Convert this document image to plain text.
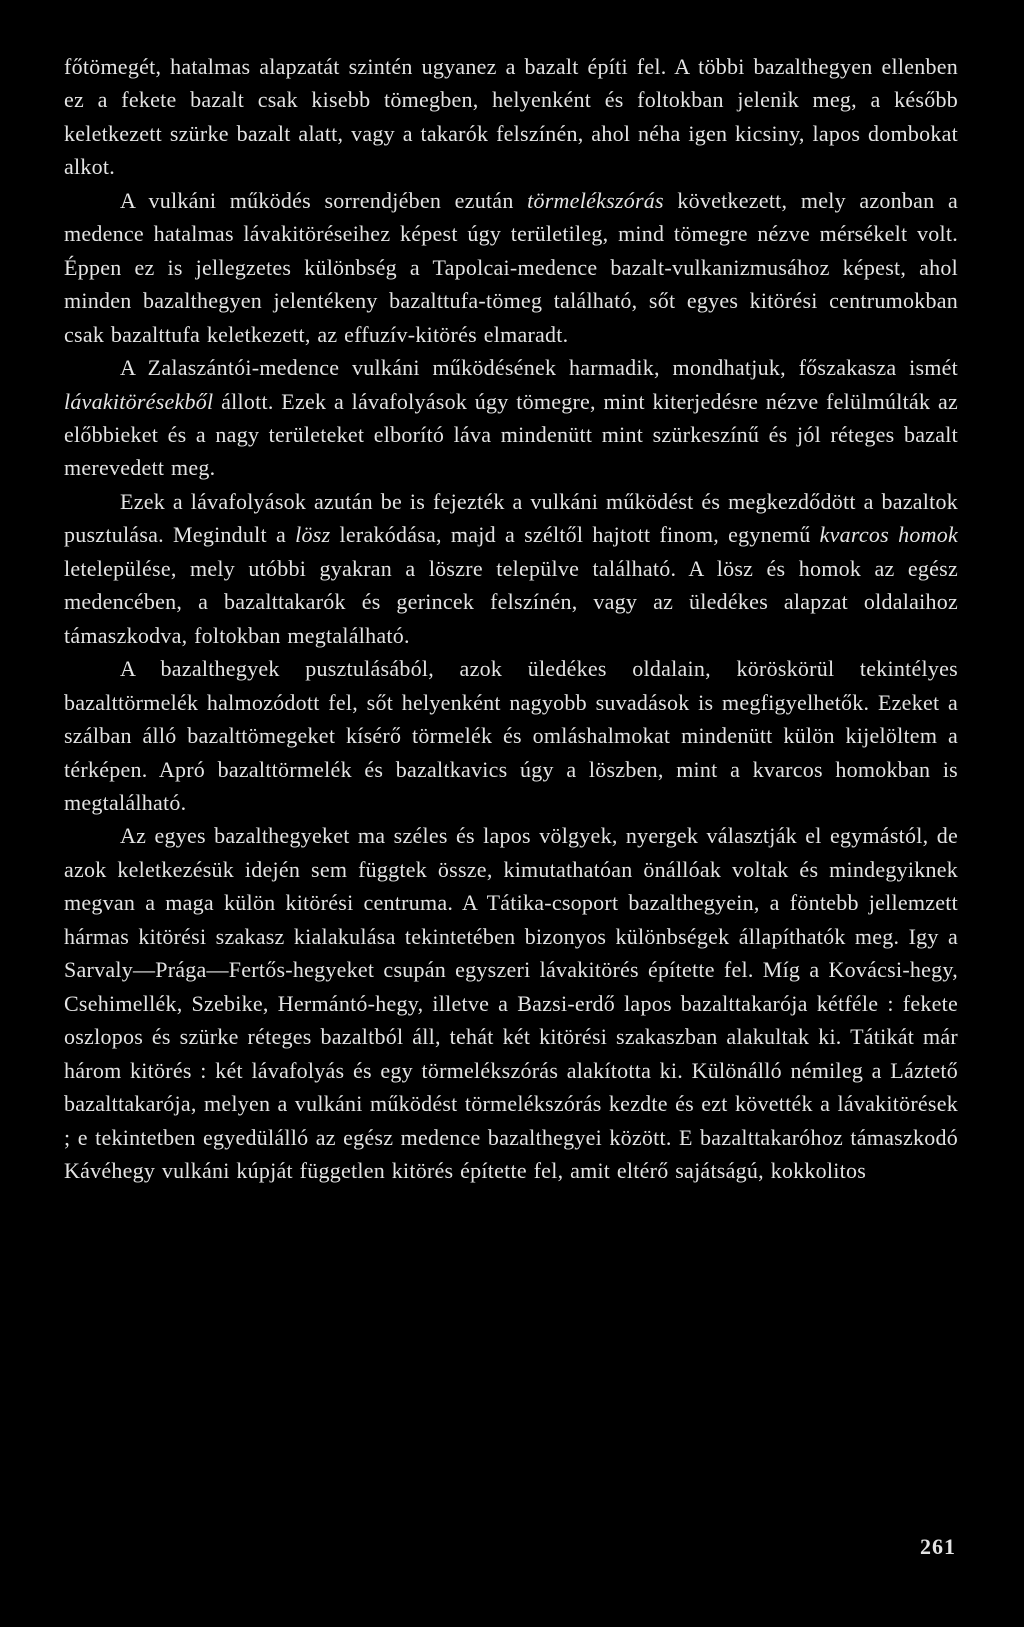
főtömegét, hatalmas alapzatát szintén ugyanez a bazalt építi fel. A többi bazalthegyen ellenben ez a fekete bazalt csak kisebb tömegben, helyenként és foltokban jelenik meg, a később keletkezett szürke bazalt alatt, vagy a takarók felszínén, ahol néha igen kicsiny, lapos dombokat alkot.

A vulkáni működés sorrendjében ezután törmelékszórás következett, mely azonban a medence hatalmas lávakitöréseihez képest úgy területileg, mind tömegre nézve mérsékelt volt. Éppen ez is jellegzetes különbség a Tapolcai-medence bazalt-vulkanizmusához képest, ahol minden bazalthegyen jelentékeny bazalttufa-tömeg található, sőt egyes kitörési centrumokban csak bazalttufa keletkezett, az effuzív-kitörés elmaradt.

A Zalaszántói-medence vulkáni működésének harmadik, mondhatjuk, főszakasza ismét lávakitörésekből állott. Ezek a lávafolyások úgy tömegre, mint kiterjedésre nézve felülmúlták az előbbieket és a nagy területeket elborító láva mindenütt mint szürkeszínű és jól réteges bazalt merevedett meg.

Ezek a lávafolyások azután be is fejezték a vulkáni működést és megkezdődött a bazaltok pusztulása. Megindult a lösz lerakódása, majd a széltől hajtott finom, egynemű kvarcos homok letelepülése, mely utóbbi gyakran a löszre települve található. A lösz és homok az egész medencében, a bazalttakarók és gerincek felszínén, vagy az üledékes alapzat oldalaihoz támaszkodva, foltokban megtalálható.

A bazalthegyek pusztulásából, azok üledékes oldalain, köröskörül tekintélyes bazalttörmelék halmozódott fel, sőt helyenként nagyobb suvadások is megfigyelhetők. Ezeket a szálban álló bazalttömegeket kísérő törmelék és omláshalmokat mindenütt külön kijelöltem a térképen. Apró bazalttörmelék és bazaltkavics úgy a löszben, mint a kvarcos homokban is megtalálható.

Az egyes bazalthegyeket ma széles és lapos völgyek, nyergek választják el egymástól, de azok keletkezésük idején sem függtek össze, kimutathatóan önállóak voltak és mindegyiknek megvan a maga külön kitörési centruma. A Tátika-csoport bazalthegyein, a föntebb jellemzett hármas kitörési szakasz kialakulása tekintetében bizonyos különbségek állapíthatók meg. Igy a Sarvaly—Prága—Fertős-hegyeket csupán egyszeri lávakitörés építette fel. Míg a Kovácsi-hegy, Csehimellék, Szebike, Hermántó-hegy, illetve a Bazsi-erdő lapos bazalttakarója kétféle : fekete oszlopos és szürke réteges bazaltból áll, tehát két kitörési szakaszban alakultak ki. Tátikát már három kitörés : két lávafolyás és egy törmelékszórás alakította ki. Különálló némileg a Láztető bazalttakarója, melyen a vulkáni működést törmelékszórás kezdte és ezt követték a lávakitörések ; e tekintetben egyedülálló az egész medence bazalthegyei között. E bazalttakaróhoz támaszkodó Kávéhegy vulkáni kúpját független kitörés építette fel, amit eltérő sajátságú, kokkolitos

261
